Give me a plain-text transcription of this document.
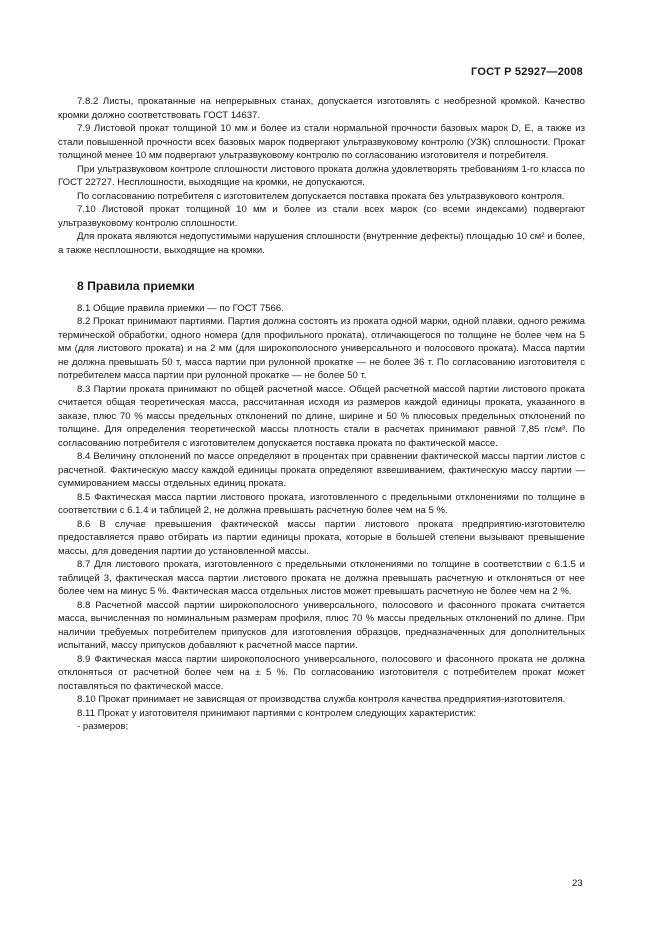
ГОСТ Р 52927—2008

7.8.2 Листы, прокатанные на непрерывных станах, допускается изготовлять с необрезной кромкой. Качество кромки должно соответствовать ГОСТ 14637.

7.9 Листовой прокат толщиной 10 мм и более из стали нормальной прочности базовых марок D, E, а также из стали повышенной прочности всех базовых марок подвергают ультразвуковому контролю (УЗК) сплошности. Прокат толщиной менее 10 мм подвергают ультразвуковому контролю по согласованию изготовителя и потребителя.

При ультразвуковом контроле сплошности листового проката должна удовлетворять требованиям 1-го класса по ГОСТ 22727. Несплошности, выходящие на кромки, не допускаются.

По согласованию потребителя с изготовителем допускается поставка проката без ультразвукового контроля.

7.10 Листовой прокат толщиной 10 мм и более из стали всех марок (со всеми индексами) подвергают ультразвуковому контролю сплошности.

Для проката являются недопустимыми нарушения сплошности (внутренние дефекты) площадью 10 см² и более, а также несплошности, выходящие на кромки.

8 Правила приемки

8.1 Общие правила приемки — по ГОСТ 7566.

8.2 Прокат принимают партиями. Партия должна состоять из проката одной марки, одной плавки, одного режима термической обработки, одного номера (для профильного проката), отличающегося по толщине не более чем на 5 мм (для листового проката) и на 2 мм (для широкополосного универсального и полосового проката). Масса партии не должна превышать 50 т, масса партии при рулонной прокатке — не более 36 т. По согласованию изготовителя с потребителем масса партии при рулонной прокатке — не более 50 т.

8.3 Партии проката принимают по общей расчетной массе. Общей расчетной массой партии листового проката считается общая теоретическая масса, рассчитанная исходя из размеров каждой единицы проката, указанного в заказе, плюс 70 % массы предельных отклонений по длине, ширине и 50 % плюсовых предельных отклонений по толщине. Для определения теоретической массы плотность стали в расчетах принимают равной 7,85 г/см³. По согласованию потребителя с изготовителем допускается поставка проката по фактической массе.

8.4 Величину отклонений по массе определяют в процентах при сравнении фактической массы партии листов с расчетной. Фактическую массу каждой единицы проката определяют взвешиванием, фактическую массу партии — суммированием массы отдельных единиц проката.

8.5 Фактическая масса партии листового проката, изготовленного с предельными отклонениями по толщине в соответствии с 6.1.4 и таблицей 2, не должна превышать расчетную более чем на 5 %.

8.6 В случае превышения фактической массы партии листового проката предприятию-изготовителю предоставляется право отбирать из партии единицы проката, которые в большей степени вызывают превышение массы, для доведения партии до установленной массы.

8.7 Для листового проката, изготовленного с предельными отклонениями по толщине в соответствии с 6.1.5 и таблицей 3, фактическая масса партии листового проката не должна превышать расчетную и отклоняться от нее более чем на минус 5 %. Фактическая масса отдельных листов может превышать расчетную не более чем на 2 %.

8.8 Расчетной массой партии широкополосного универсального, полосового и фасонного проката считается масса, вычисленная по номинальным размерам профиля, плюс 70 % массы предельных отклонений по длине. При наличии требуемых потребителем припусков для изготовления образцов, предназначенных для дополнительных испытаний, массу припусков добавляют к расчетной массе партии.

8.9 Фактическая масса партии широкополосного универсального, полосового и фасонного проката не должна отклоняться от расчетной более чем на ± 5 %. По согласованию изготовителя с потребителем прокат может поставляться по фактической массе.

8.10 Прокат принимает не зависящая от производства служба контроля качества предприятия-изготовителя.

8.11 Прокат у изготовителя принимают партиями с контролем следующих характеристик:

- размеров;

23
